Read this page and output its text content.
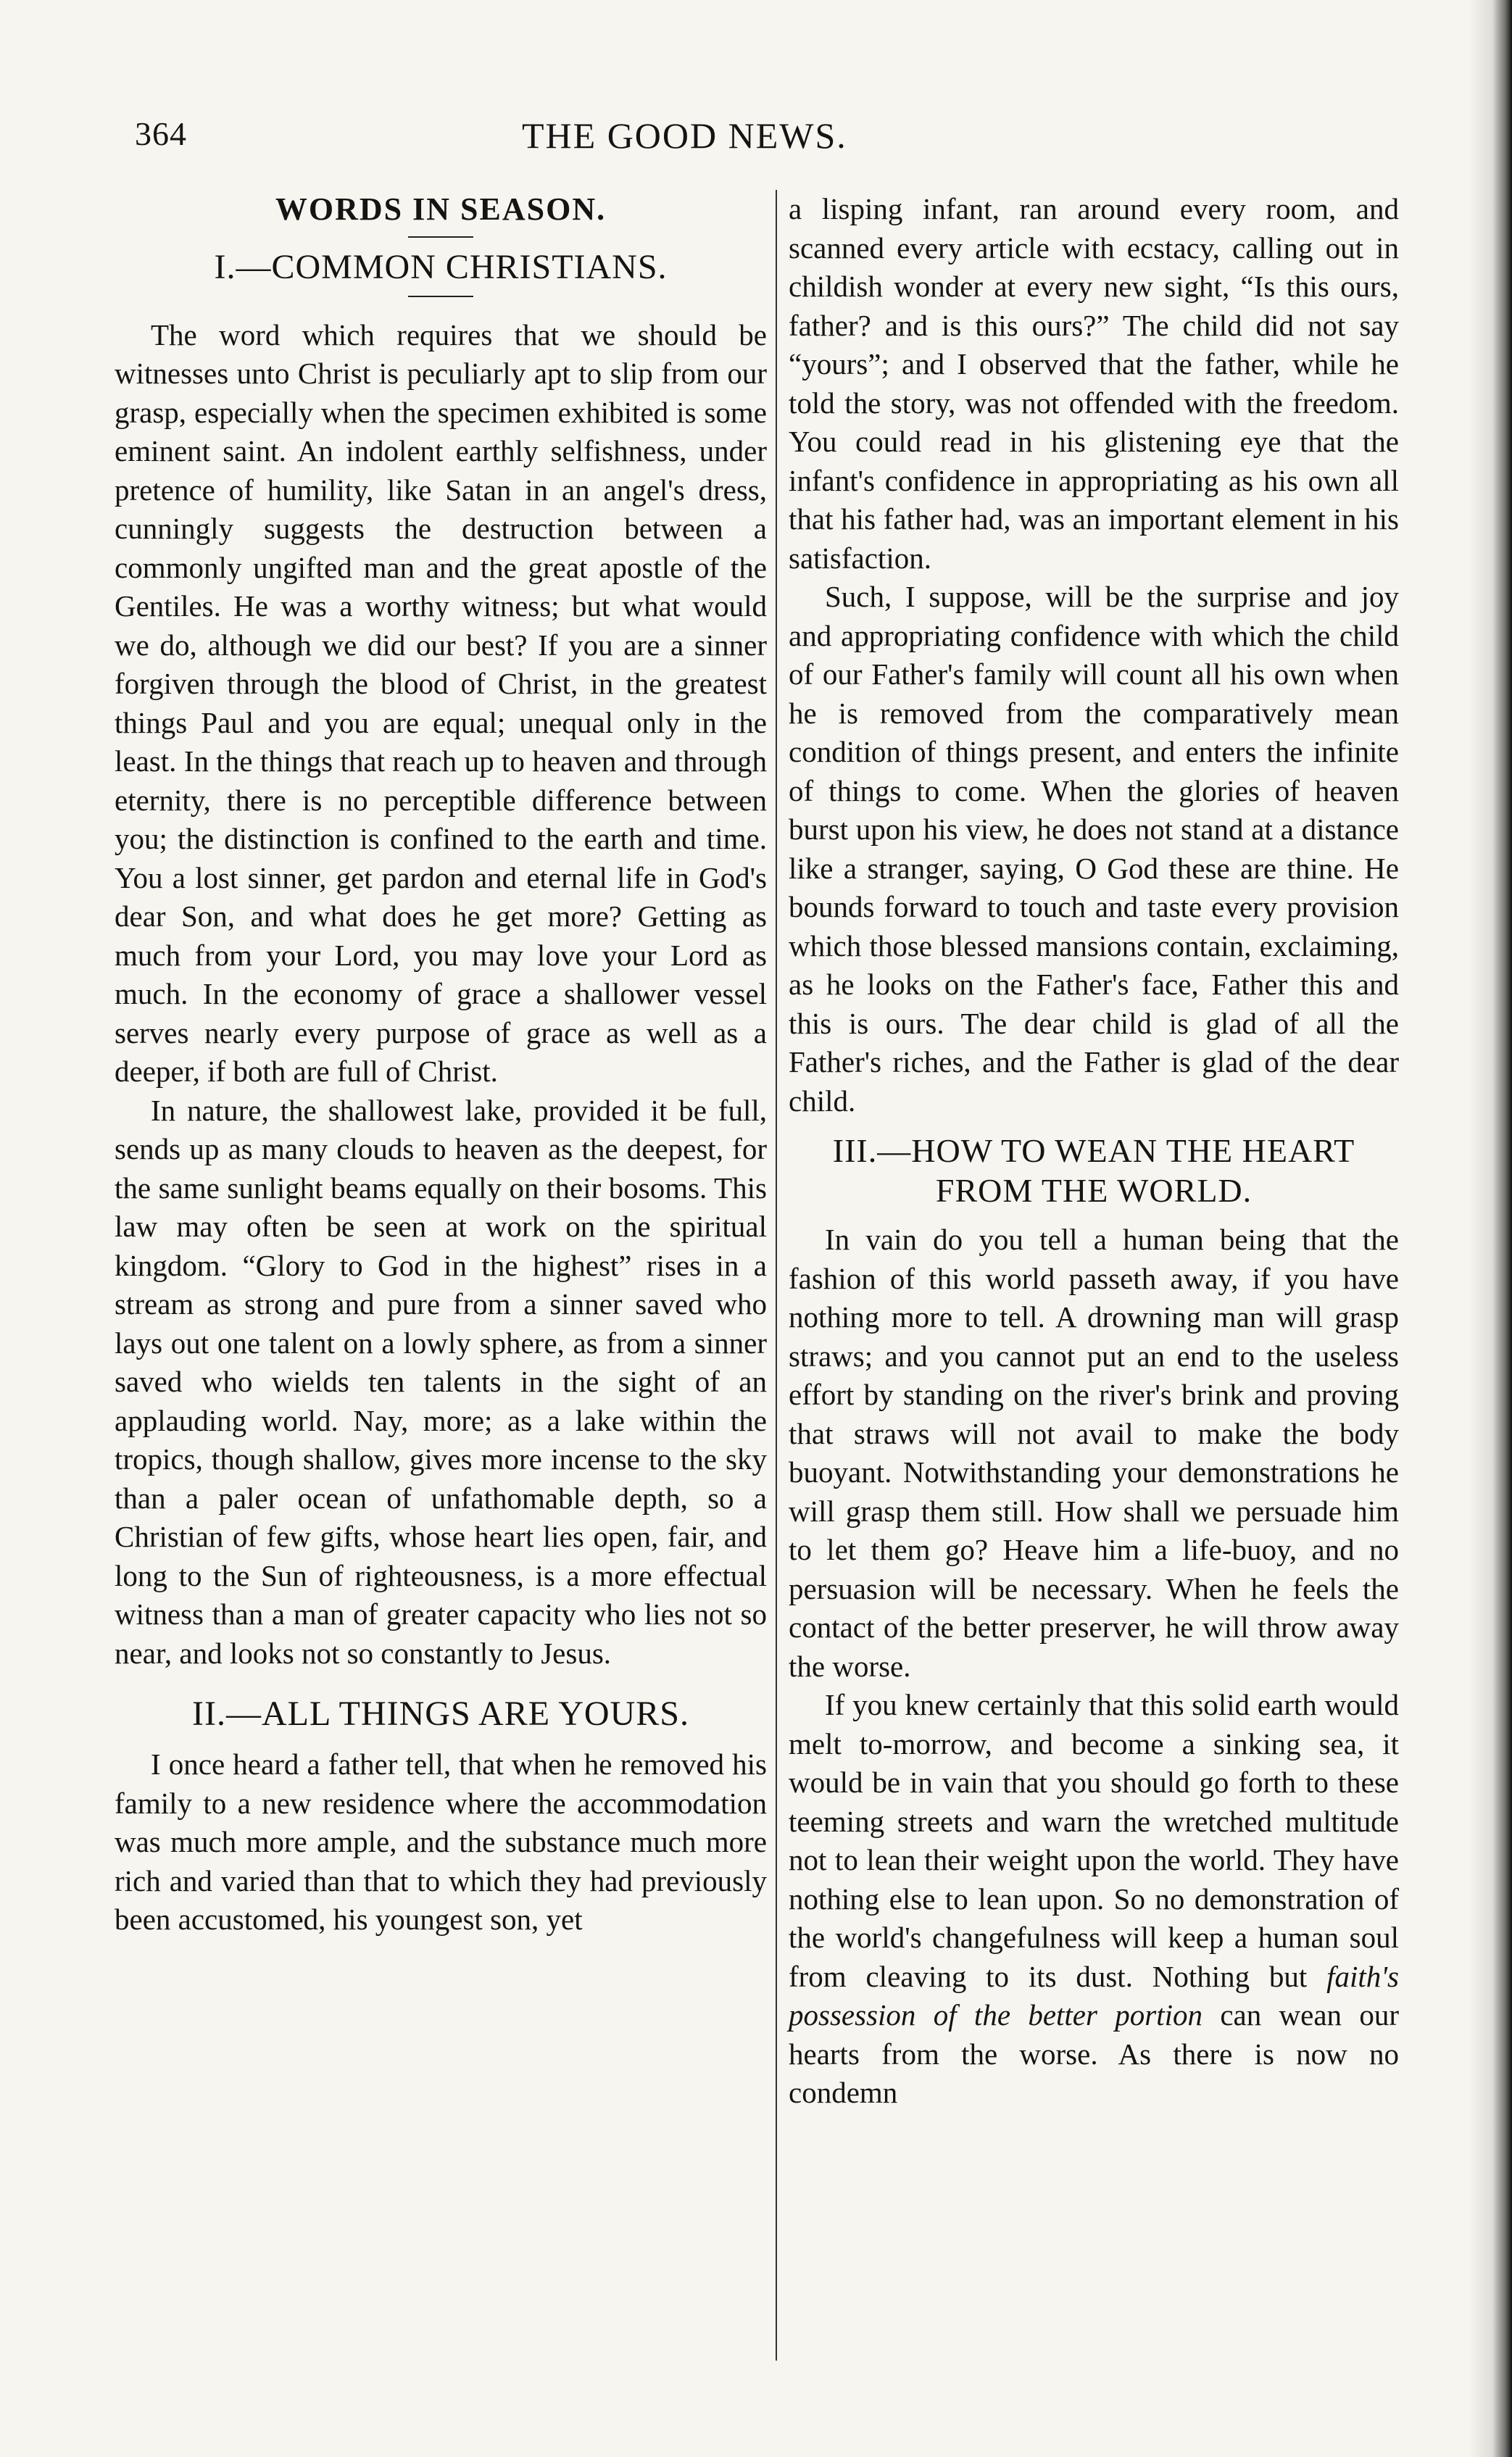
364	THE GOOD NEWS.
WORDS IN SEASON.
I.—COMMON CHRISTIANS.

The word which requires that we should be witnesses unto Christ is peculiarly apt to slip from our grasp, especially when the specimen exhibited is some eminent saint. An indolent earthly selfishness, under pretence of humility, like Satan in an angel's dress, cunningly suggests the destruction between a commonly ungifted man and the great apostle of the Gentiles. He was a worthy witness; but what would we do, although we did our best? If you are a sinner forgiven through the blood of Christ, in the greatest things Paul and you are equal; unequal only in the least. In the things that reach up to heaven and through eternity, there is no perceptible difference between you; the distinction is confined to the earth and time. You a lost sinner, get pardon and eternal life in God's dear Son, and what does he get more? Getting as much from your Lord, you may love your Lord as much. In the economy of grace a shallower vessel serves nearly every purpose of grace as well as a deeper, if both are full of Christ.

In nature, the shallowest lake, provided it be full, sends up as many clouds to heaven as the deepest, for the same sunlight beams equally on their bosoms. This law may often be seen at work on the spiritual kingdom. “Glory to God in the highest” rises in a stream as strong and pure from a sinner saved who lays out one talent on a lowly sphere, as from a sinner saved who wields ten talents in the sight of an applauding world. Nay, more; as a lake within the tropics, though shallow, gives more incense to the sky than a paler ocean of unfathomable depth, so a Christian of few gifts, whose heart lies open, fair, and long to the Sun of righteousness, is a more effectual witness than a man of greater capacity who lies not so near, and looks not so constantly to Jesus.

II.—ALL THINGS ARE YOURS.

I once heard a father tell, that when he removed his family to a new residence where the accommodation was much more ample, and the substance much more rich and varied than that to which they had previously been accustomed, his youngest son, yet

a lisping infant, ran around every room, and scanned every article with ecstacy, calling out in childish wonder at every new sight, “Is this ours, father? and is this ours?” The child did not say “yours”; and I observed that the father, while he told the story, was not offended with the freedom. You could read in his glistening eye that the infant's confidence in appropriating as his own all that his father had, was an important element in his satisfaction.

Such, I suppose, will be the surprise and joy and appropriating confidence with which the child of our Father's family will count all his own when he is removed from the comparatively mean condition of things present, and enters the infinite of things to come. When the glories of heaven burst upon his view, he does not stand at a distance like a stranger, saying, O God these are thine. He bounds forward to touch and taste every provision which those blessed mansions contain, exclaiming, as he looks on the Father's face, Father this and this is ours. The dear child is glad of all the Father's riches, and the Father is glad of the dear child.

III.—HOW TO WEAN THE HEART FROM THE WORLD.

In vain do you tell a human being that the fashion of this world passeth away, if you have nothing more to tell. A drowning man will grasp straws; and you cannot put an end to the useless effort by standing on the river's brink and proving that straws will not avail to make the body buoyant. Notwithstanding your demonstrations he will grasp them still. How shall we persuade him to let them go? Heave him a life-buoy, and no persuasion will be necessary. When he feels the contact of the better preserver, he will throw away the worse.

If you knew certainly that this solid earth would melt to-morrow, and become a sinking sea, it would be in vain that you should go forth to these teeming streets and warn the wretched multitude not to lean their weight upon the world. They have nothing else to lean upon. So no demonstration of the world's changefulness will keep a human soul from cleaving to its dust. Nothing but faith's possession of the better portion can wean our hearts from the worse. As there is now no condemn
